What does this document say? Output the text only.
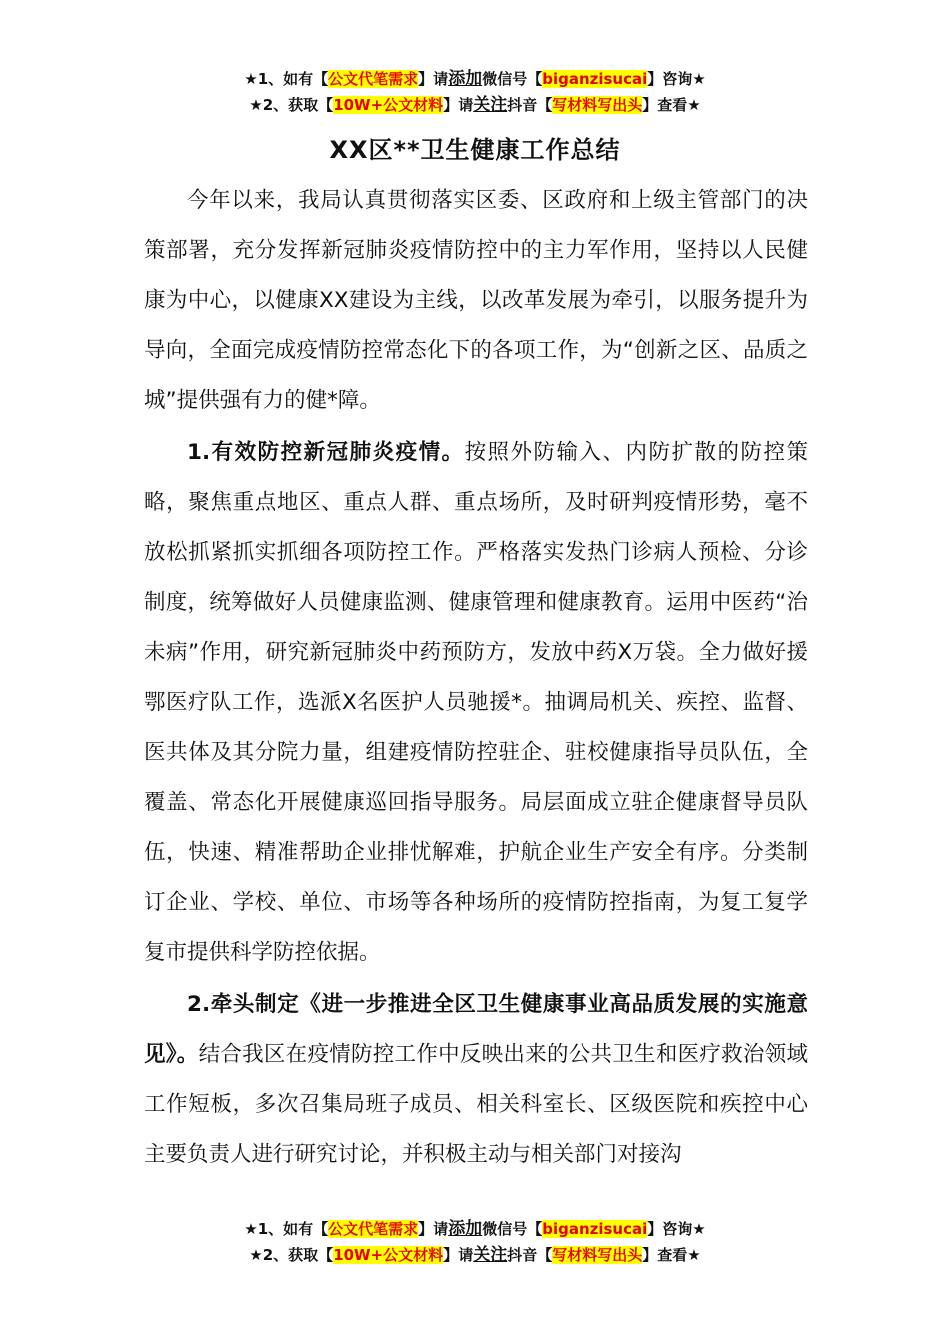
★1、如有【公文代笔需求】请添加微信号【biganzisucai】咨询★
★2、获取【10W+公文材料】请关注抖音【写材料写出头】查看★
XX区**卫生健康工作总结

今年以来，我局认真贯彻落实区委、区政府和上级主管部门的决策部署，充分发挥新冠肺炎疫情防控中的主力军作用，坚持以人民健康为中心，以健康XX建设为主线，以改革发展为牵引，以服务提升为导向，全面完成疫情防控常态化下的各项工作，为“创新之区、品质之城”提供强有力的健*障。

1.有效防控新冠肺炎疫情。按照外防输入、内防扩散的防控策略，聚焦重点地区、重点人群、重点场所，及时研判疫情形势，毫不放松抓紧抓实抓细各项防控工作。严格落实发热门诊病人预检、分诊制度，统筹做好人员健康监测、健康管理和健康教育。运用中医药“治未病”作用，研究新冠肺炎中药预防方，发放中药X万袋。全力做好援鄂医疗队工作，选派X名医护人员驰援*。抽调局机关、疾控、监督、医共体及其分院力量，组建疫情防控驻企、驻校健康指导员队伍，全覆盖、常态化开展健康巡回指导服务。局层面成立驻企健康督导员队伍，快速、精准帮助企业排忧解难，护航企业生产安全有序。分类制订企业、学校、单位、市场等各种场所的疫情防控指南，为复工复学复市提供科学防控依据。

2.牵头制定《进一步推进全区卫生健康事业高品质发展的实施意见》。结合我区在疫情防控工作中反映出来的公共卫生和医疗救治领域工作短板，多次召集局班子成员、相关科室长、区级医院和疾控中心主要负责人进行研究讨论，并积极主动与相关部门对接沟

★1、如有【公文代笔需求】请添加微信号【biganzisucai】咨询★
★2、获取【10W+公文材料】请关注抖音【写材料写出头】查看★
